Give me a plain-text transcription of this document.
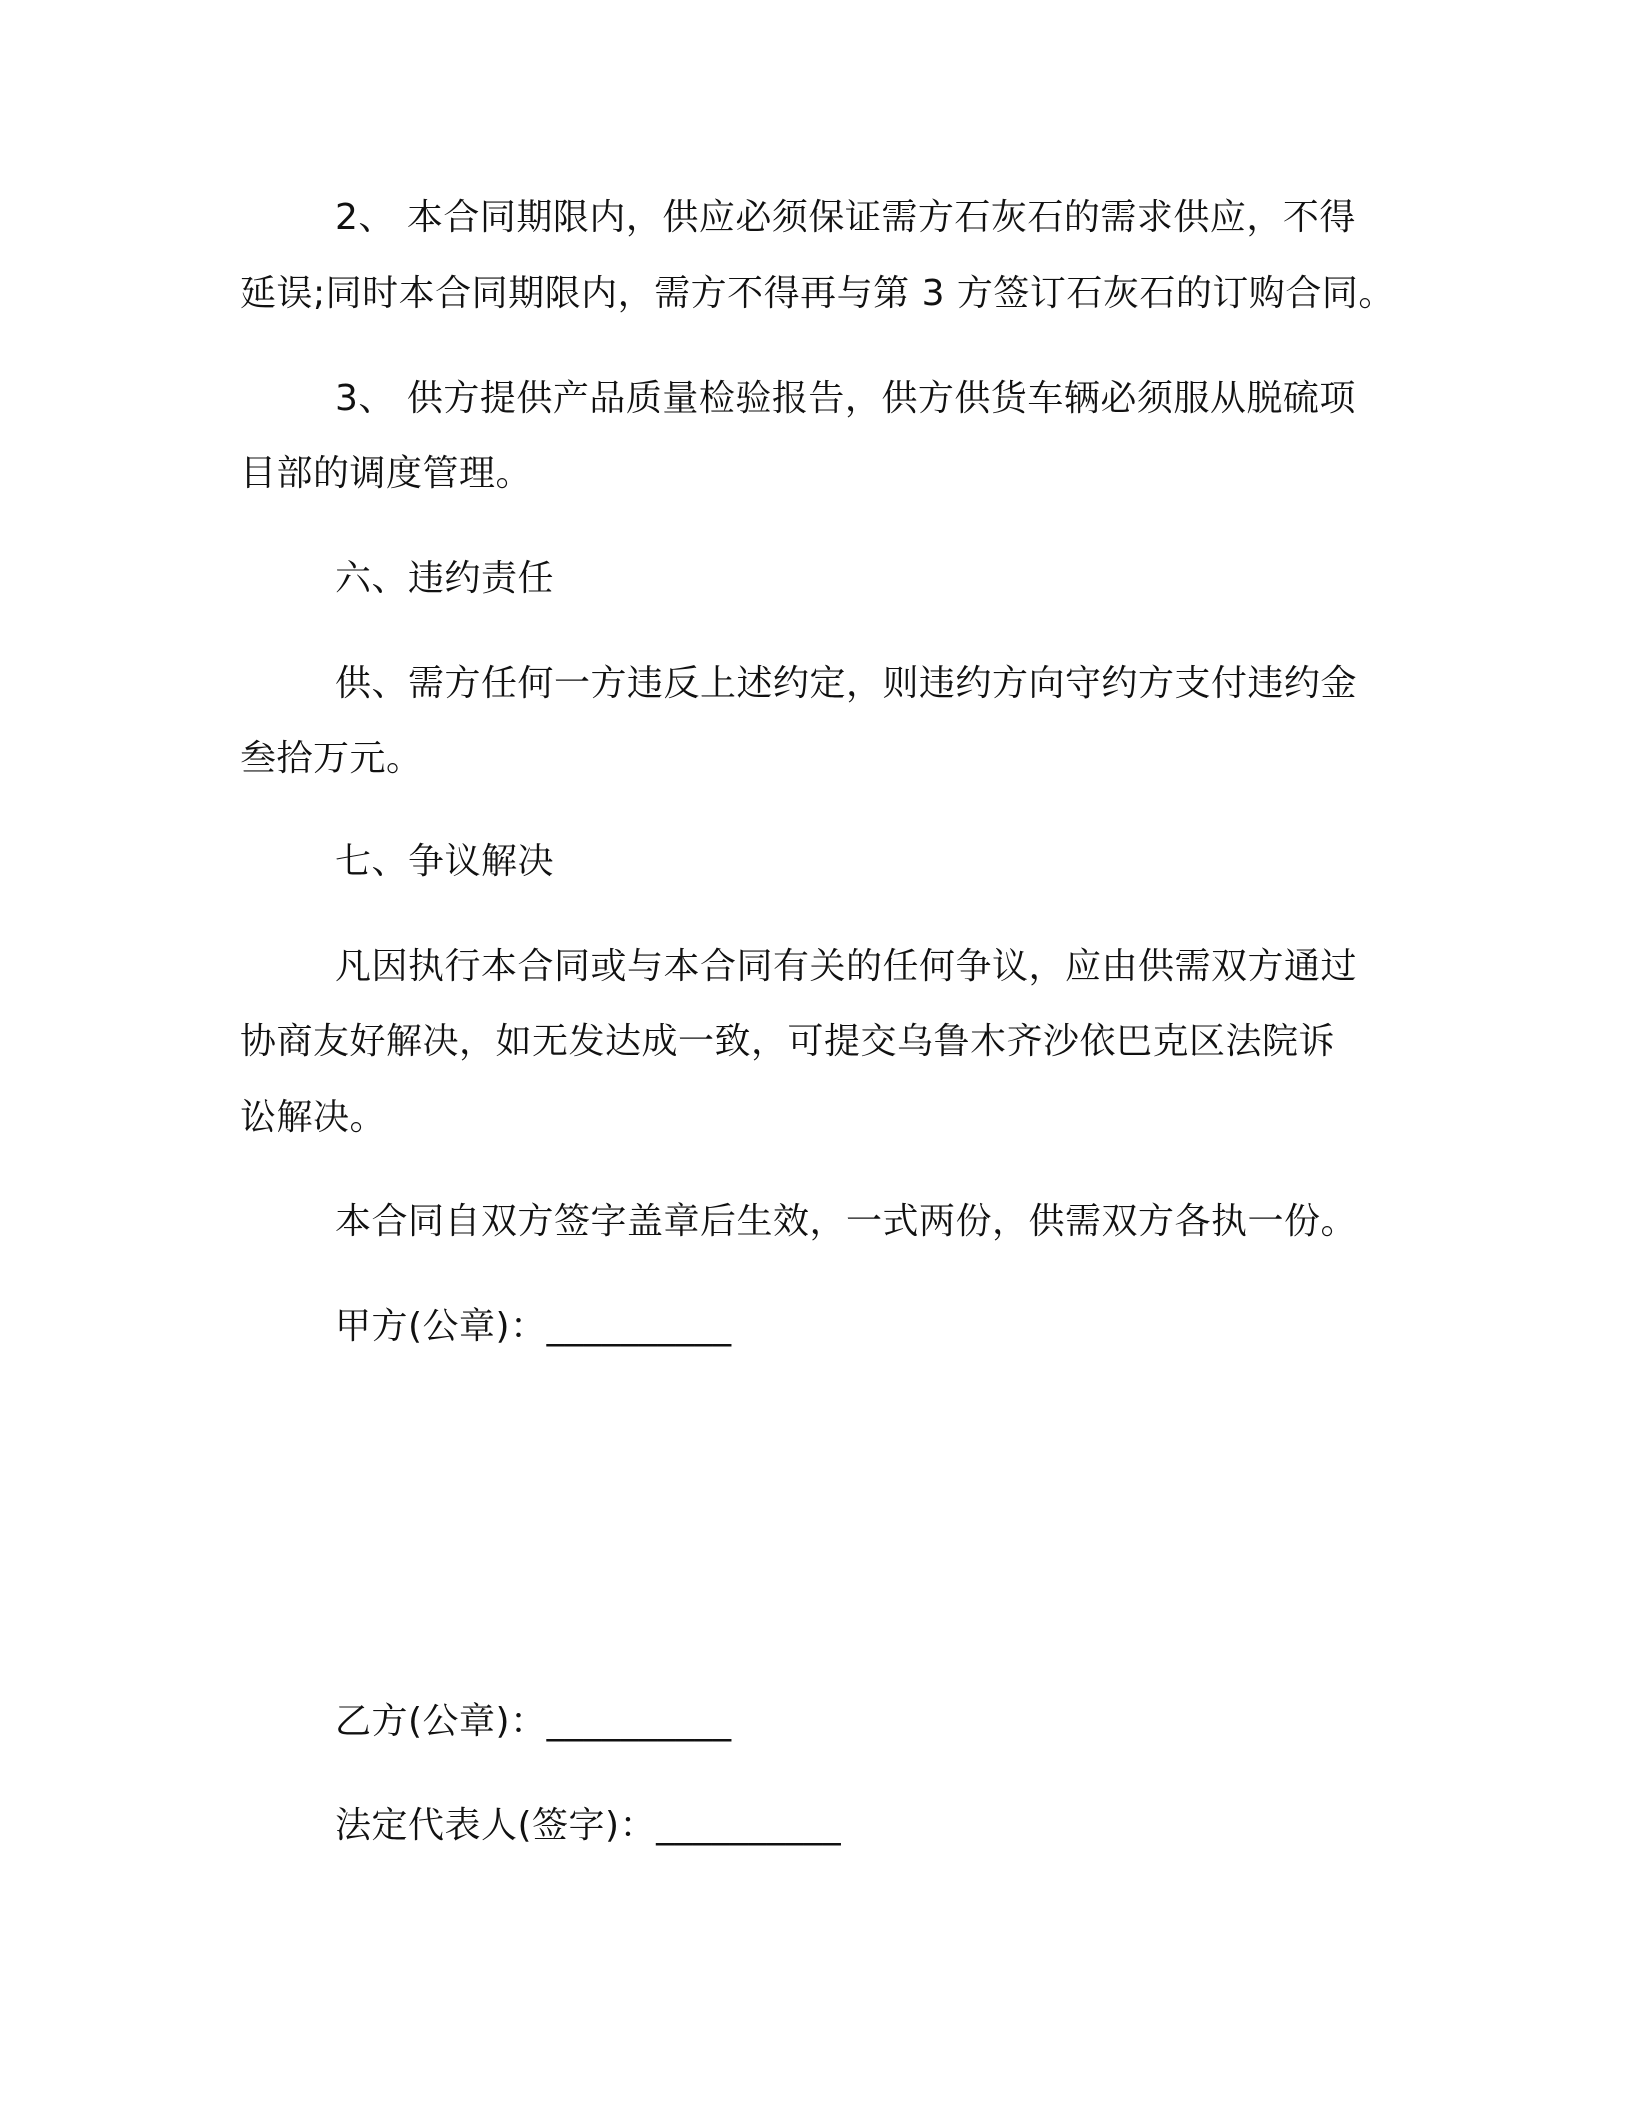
2、 本合同期限内，供应必须保证需方石灰石的需求供应，不得

延误;同时本合同期限内，需方不得再与第 3 方签订石灰石的订购合同。

3、 供方提供产品质量检验报告，供方供货车辆必须服从脱硫项

目部的调度管理。

六、违约责任

供、需方任何一方违反上述约定，则违约方向守约方支付违约金

叁拾万元。

七、争议解决

凡因执行本合同或与本合同有关的任何争议，应由供需双方通过

协商友好解决，如无发达成一致，可提交乌鲁木齐沙依巴克区法院诉

讼解决。

本合同自双方签字盖章后生效，一式两份，供需双方各执一份。

甲方(公章)：__________

乙方(公章)：__________

法定代表人(签字)：__________
